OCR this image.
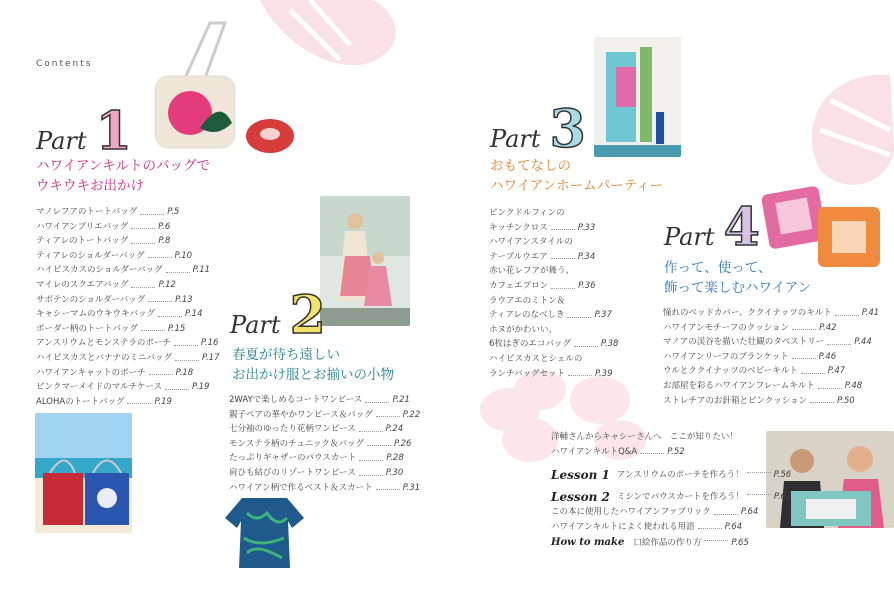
Contents
Part 1
ハワイアンキルトのバッグで
ウキウキお出かけ
マノレフアのトートバッグ	P.5
ハワイアンブリエバッグ	P.6
ティアレのトートバッグ	P.8
ティアレのショルダーバッグ	P.10
ハイビスカスのショルダーバッグ	P.11
マイレのスクエアバッグ	P.12
サボテンのショルダーバッグ	P.13
キャシーマムのウキウキバッグ	P.14
ボーダー柄のトートバッグ	P.15
アンスリウムとモンステラのポーチ	P.16
ハイビスカスとバナナのミニバッグ	P.17
ハワイアンキャットのポーチ	P.18
ピンクマーメイドのマルチケース	P.19
ALOHAのトートバッグ	P.19
Part 2
春夏が待ち遠しい
お出かけ服とお揃いの小物
2WAYで楽しめるコートワンピース	P.21
親子ペアの華やかワンピース＆バッグ	P.22
七分袖のゆったり花柄ワンピース	P.24
モンステラ柄のチュニック＆バッグ	P.26
たっぷりギャザーのパウスカート	P.28
肩ひも結びのリゾートワンピース	P.30
ハワイアン柄で作るベスト＆スカート	P.31
Part 3
おもてなしの
ハワイアンホームパーティー
ピンクドルフィンの
キッチンクロス	P.33
ハワイアンスタイルの
テーブルウエア	P.34
赤い花レフアが舞う、
カフェエプロン	P.36
ラウアエのミトン＆
ティアレのなべしき	P.37
ホヌがかわいい、
6枚はぎのエコバッグ	P.38
ハイビスカスとシェルの
ランチバッグセット	P.39
Part 4
作って、使って、
飾って楽しむハワイアン
憧れのベッドカバー、ククイナッツのキルト	P.41
ハワイアンモチーフのクッション	P.42
マノアの渓谷を描いた壮観のタペストリー	P.44
ハワイアンリーフのブランケット	P.46
ウルとククイナッツのベビーキルト	P.47
お部屋を彩るハワイアンフレームキルト	P.48
ストレチアのお針箱とピンクッション	P.50
洋輔さんからキャシーさんへ　ここが知りたい！
ハワイアンキルトQ&A	P.52
Lesson 1 アンスリウムのポーチを作ろう！	P.56
Lesson 2 ミシンでパウスカートを作ろう！	P.62
この本に使用したハワイアンファブリック	P.64
ハワイアンキルトによく使われる用語	P.64
How to make 口絵作品の作り方	P.65
